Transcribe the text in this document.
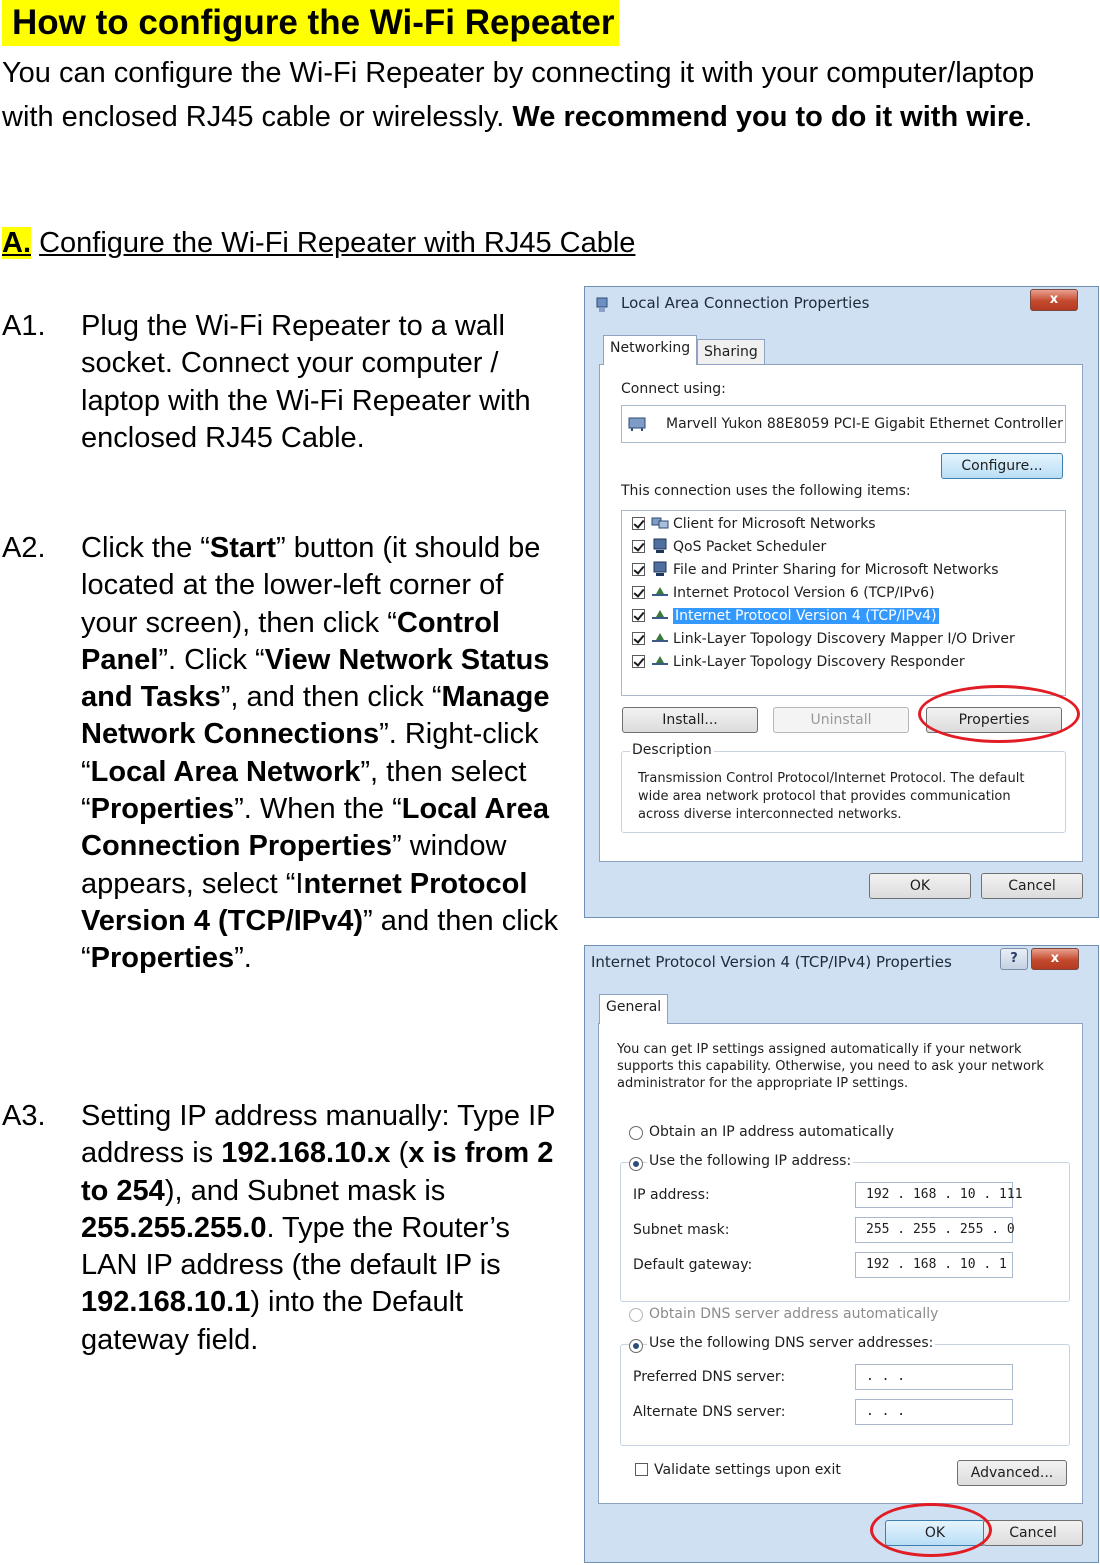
How to configure the Wi-Fi Repeater
You can configure the Wi-Fi Repeater by connecting it with your computer/laptop with enclosed RJ45 cable or wirelessly. We recommend you to do it with wire.
A. Configure the Wi-Fi Repeater with RJ45 Cable
A1. Plug the Wi-Fi Repeater to a wall socket. Connect your computer / laptop with the Wi-Fi Repeater with enclosed RJ45 Cable.
A2. Click the “Start” button (it should be located at the lower-left corner of your screen), then click “Control Panel”. Click “View Network Status and Tasks”, and then click “Manage Network Connections”. Right-click “Local Area Network”, then select “Properties”. When the “Local Area Connection Properties” window appears, select “Internet Protocol Version 4 (TCP/IPv4)” and then click “Properties”.
A3. Setting IP address manually: Type IP address is 192.168.10.x (x is from 2 to 254), and Subnet mask is 255.255.255.0. Type the Router’s LAN IP address (the default IP is 192.168.10.1) into the Default gateway field.
Local Area Connection Properties	x
Networking Sharing
Connect using:
Marvell Yukon 88E8059 PCI-E Gigabit Ethernet Controller
Configure...
This connection uses the following items:
Client for Microsoft Networks
QoS Packet Scheduler
File and Printer Sharing for Microsoft Networks
Internet Protocol Version 6 (TCP/IPv6)
Internet Protocol Version 4 (TCP/IPv4)
Link-Layer Topology Discovery Mapper I/O Driver
Link-Layer Topology Discovery Responder
Install...	Uninstall	Properties
Description
Transmission Control Protocol/Internet Protocol. The default wide area network protocol that provides communication across diverse interconnected networks.
OK	Cancel
Internet Protocol Version 4 (TCP/IPv4) Properties	?	x
General
You can get IP settings assigned automatically if your network supports this capability. Otherwise, you need to ask your network administrator for the appropriate IP settings.
Obtain an IP address automatically
Use the following IP address:
IP address:	192 . 168 . 10 . 111
Subnet mask:	255 . 255 . 255 . 0
Default gateway:	192 . 168 . 10 . 1
Obtain DNS server address automatically
Use the following DNS server addresses:
Preferred DNS server:	. . .
Alternate DNS server:	. . .
Validate settings upon exit	Advanced...
OK	Cancel
